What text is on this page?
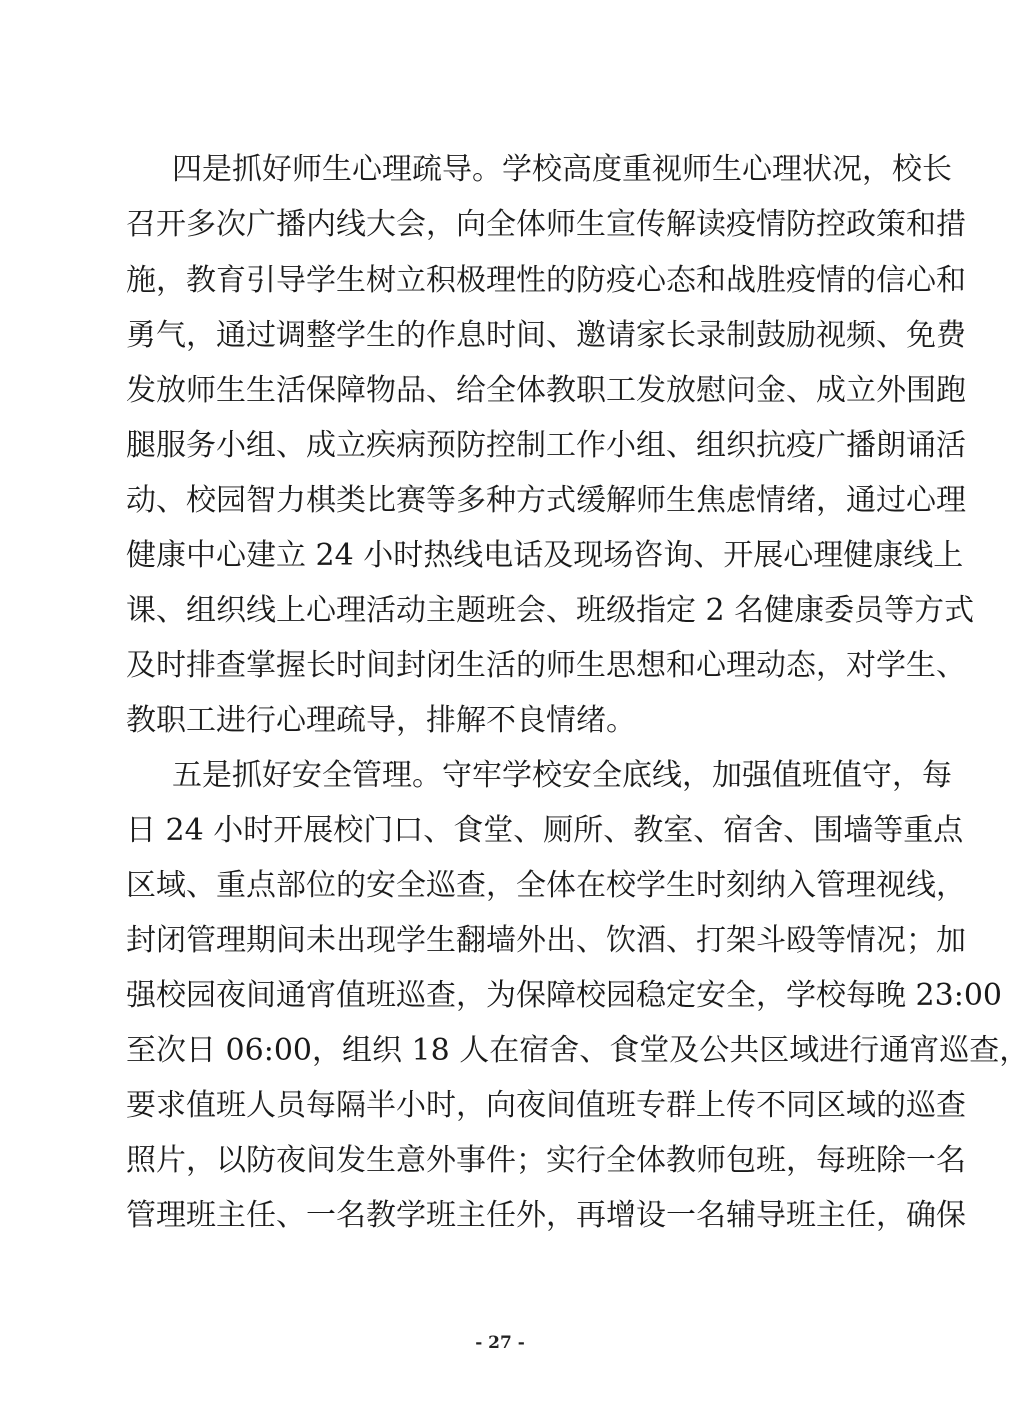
四是抓好师生心理疏导。学校高度重视师生心理状况，校长
召开多次广播内线大会，向全体师生宣传解读疫情防控政策和措
施，教育引导学生树立积极理性的防疫心态和战胜疫情的信心和
勇气，通过调整学生的作息时间、邀请家长录制鼓励视频、免费
发放师生生活保障物品、给全体教职工发放慰问金、成立外围跑
腿服务小组、成立疾病预防控制工作小组、组织抗疫广播朗诵活
动、校园智力棋类比赛等多种方式缓解师生焦虑情绪，通过心理
健康中心建立 24 小时热线电话及现场咨询、开展心理健康线上
课、组织线上心理活动主题班会、班级指定 2 名健康委员等方式
及时排查掌握长时间封闭生活的师生思想和心理动态，对学生、
教职工进行心理疏导，排解不良情绪。
五是抓好安全管理。守牢学校安全底线，加强值班值守，每
日 24 小时开展校门口、食堂、厕所、教室、宿舍、围墙等重点
区域、重点部位的安全巡查，全体在校学生时刻纳入管理视线，
封闭管理期间未出现学生翻墙外出、饮酒、打架斗殴等情况；加
强校园夜间通宵值班巡查，为保障校园稳定安全，学校每晚 23:00
至次日 06:00，组织 18 人在宿舍、食堂及公共区域进行通宵巡查，
要求值班人员每隔半小时，向夜间值班专群上传不同区域的巡查
照片，以防夜间发生意外事件；实行全体教师包班，每班除一名
管理班主任、一名教学班主任外，再增设一名辅导班主任，确保
- 27 -
